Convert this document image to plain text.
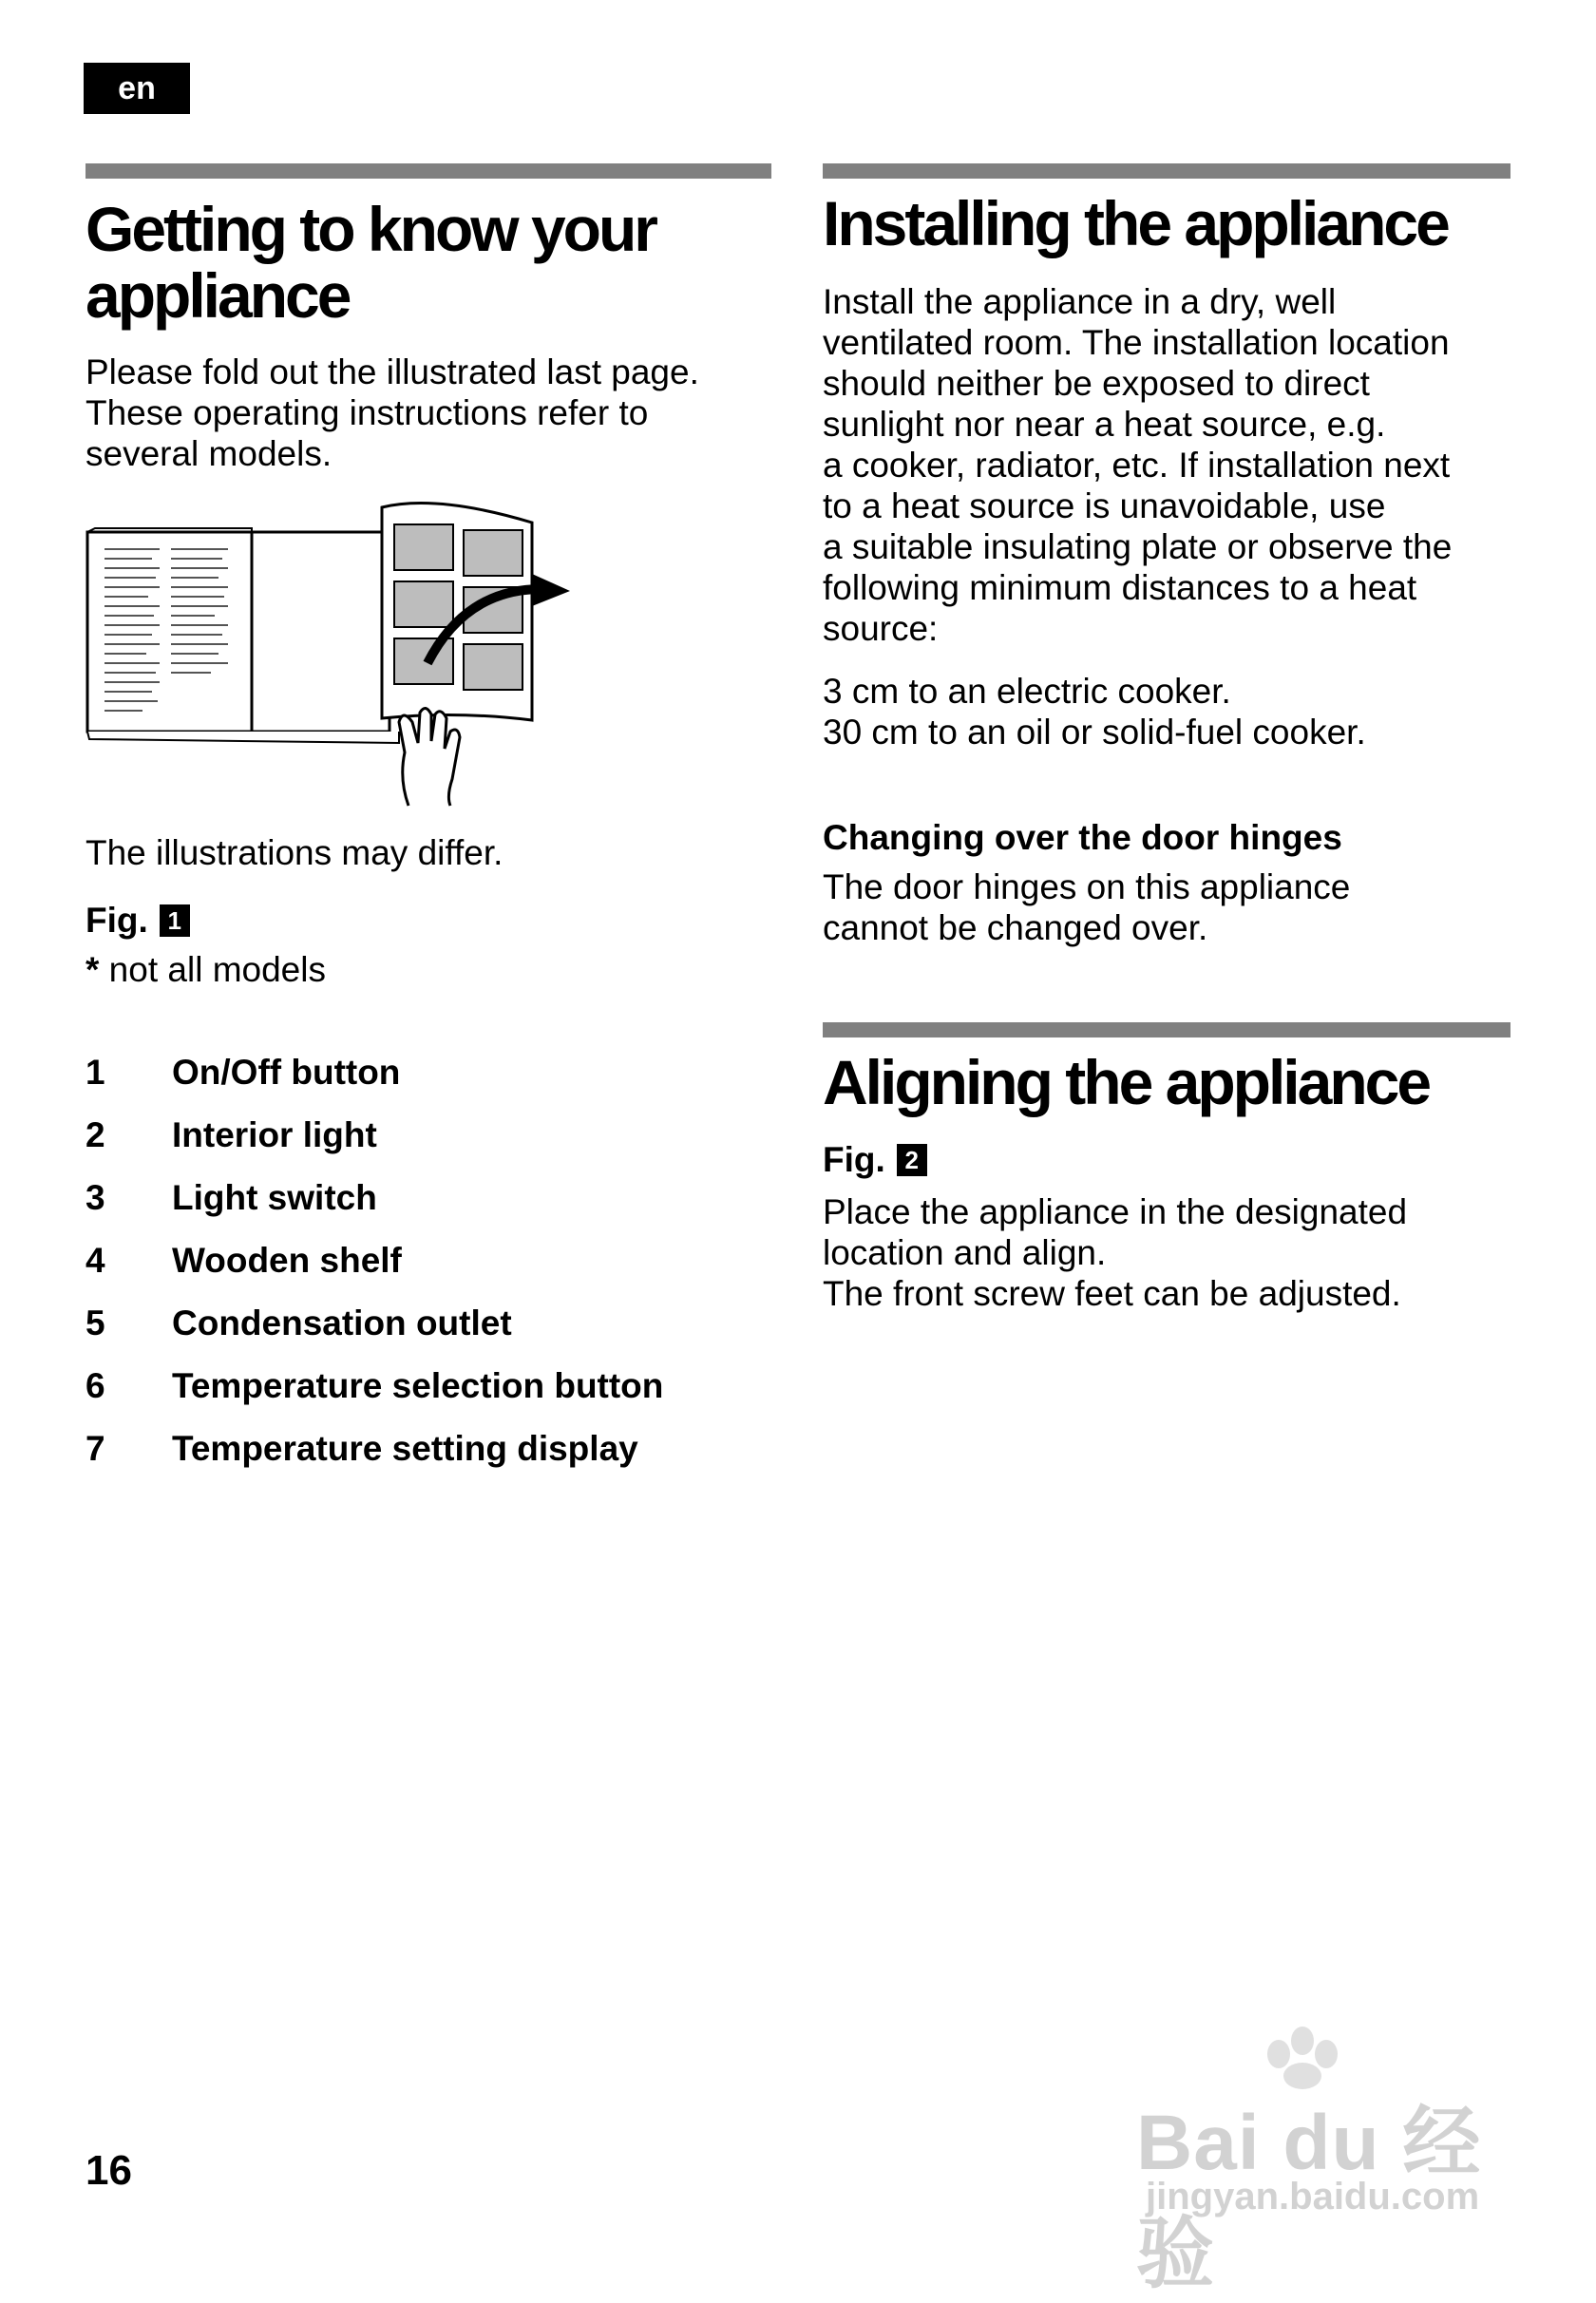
en
Getting to know your
appliance

Please fold out the illustrated last page.
These operating instructions refer to
several models.

The illustrations may differ.

Fig. 1
* not all models
1	On/Off button
2	Interior light
3	Light switch
4	Wooden shelf
5	Condensation outlet
6	Temperature selection button
7	Temperature setting display
Installing the appliance

Install the appliance in a dry, well
ventilated room. The installation location
should neither be exposed to direct
sunlight nor near a heat source, e.g.
a cooker, radiator, etc. If installation next
to a heat source is unavoidable, use
a suitable insulating plate or observe the
following minimum distances to a heat
source:

3 cm to an electric cooker.
30 cm to an oil or solid-fuel cooker.

Changing over the door hinges

The door hinges on this appliance
cannot be changed over.

Aligning the appliance
Fig. 2

Place the appliance in the designated
location and align.
The front screw feet can be adjusted.

16	Bai du 经验
jingyan.baidu.com
